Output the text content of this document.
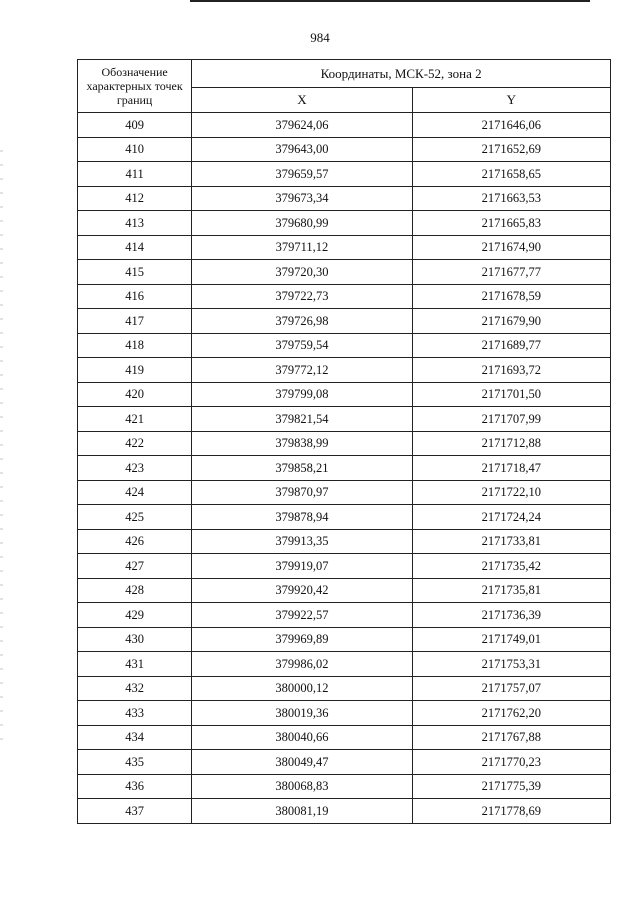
984
Обозначение характерных точек границ	Координаты, МСК-52, зона 2	
	X	Y
409	379624,06	2171646,06
410	379643,00	2171652,69
411	379659,57	2171658,65
412	379673,34	2171663,53
413	379680,99	2171665,83
414	379711,12	2171674,90
415	379720,30	2171677,77
416	379722,73	2171678,59
417	379726,98	2171679,90
418	379759,54	2171689,77
419	379772,12	2171693,72
420	379799,08	2171701,50
421	379821,54	2171707,99
422	379838,99	2171712,88
423	379858,21	2171718,47
424	379870,97	2171722,10
425	379878,94	2171724,24
426	379913,35	2171733,81
427	379919,07	2171735,42
428	379920,42	2171735,81
429	379922,57	2171736,39
430	379969,89	2171749,01
431	379986,02	2171753,31
432	380000,12	2171757,07
433	380019,36	2171762,20
434	380040,66	2171767,88
435	380049,47	2171770,23
436	380068,83	2171775,39
437	380081,19	2171778,69
